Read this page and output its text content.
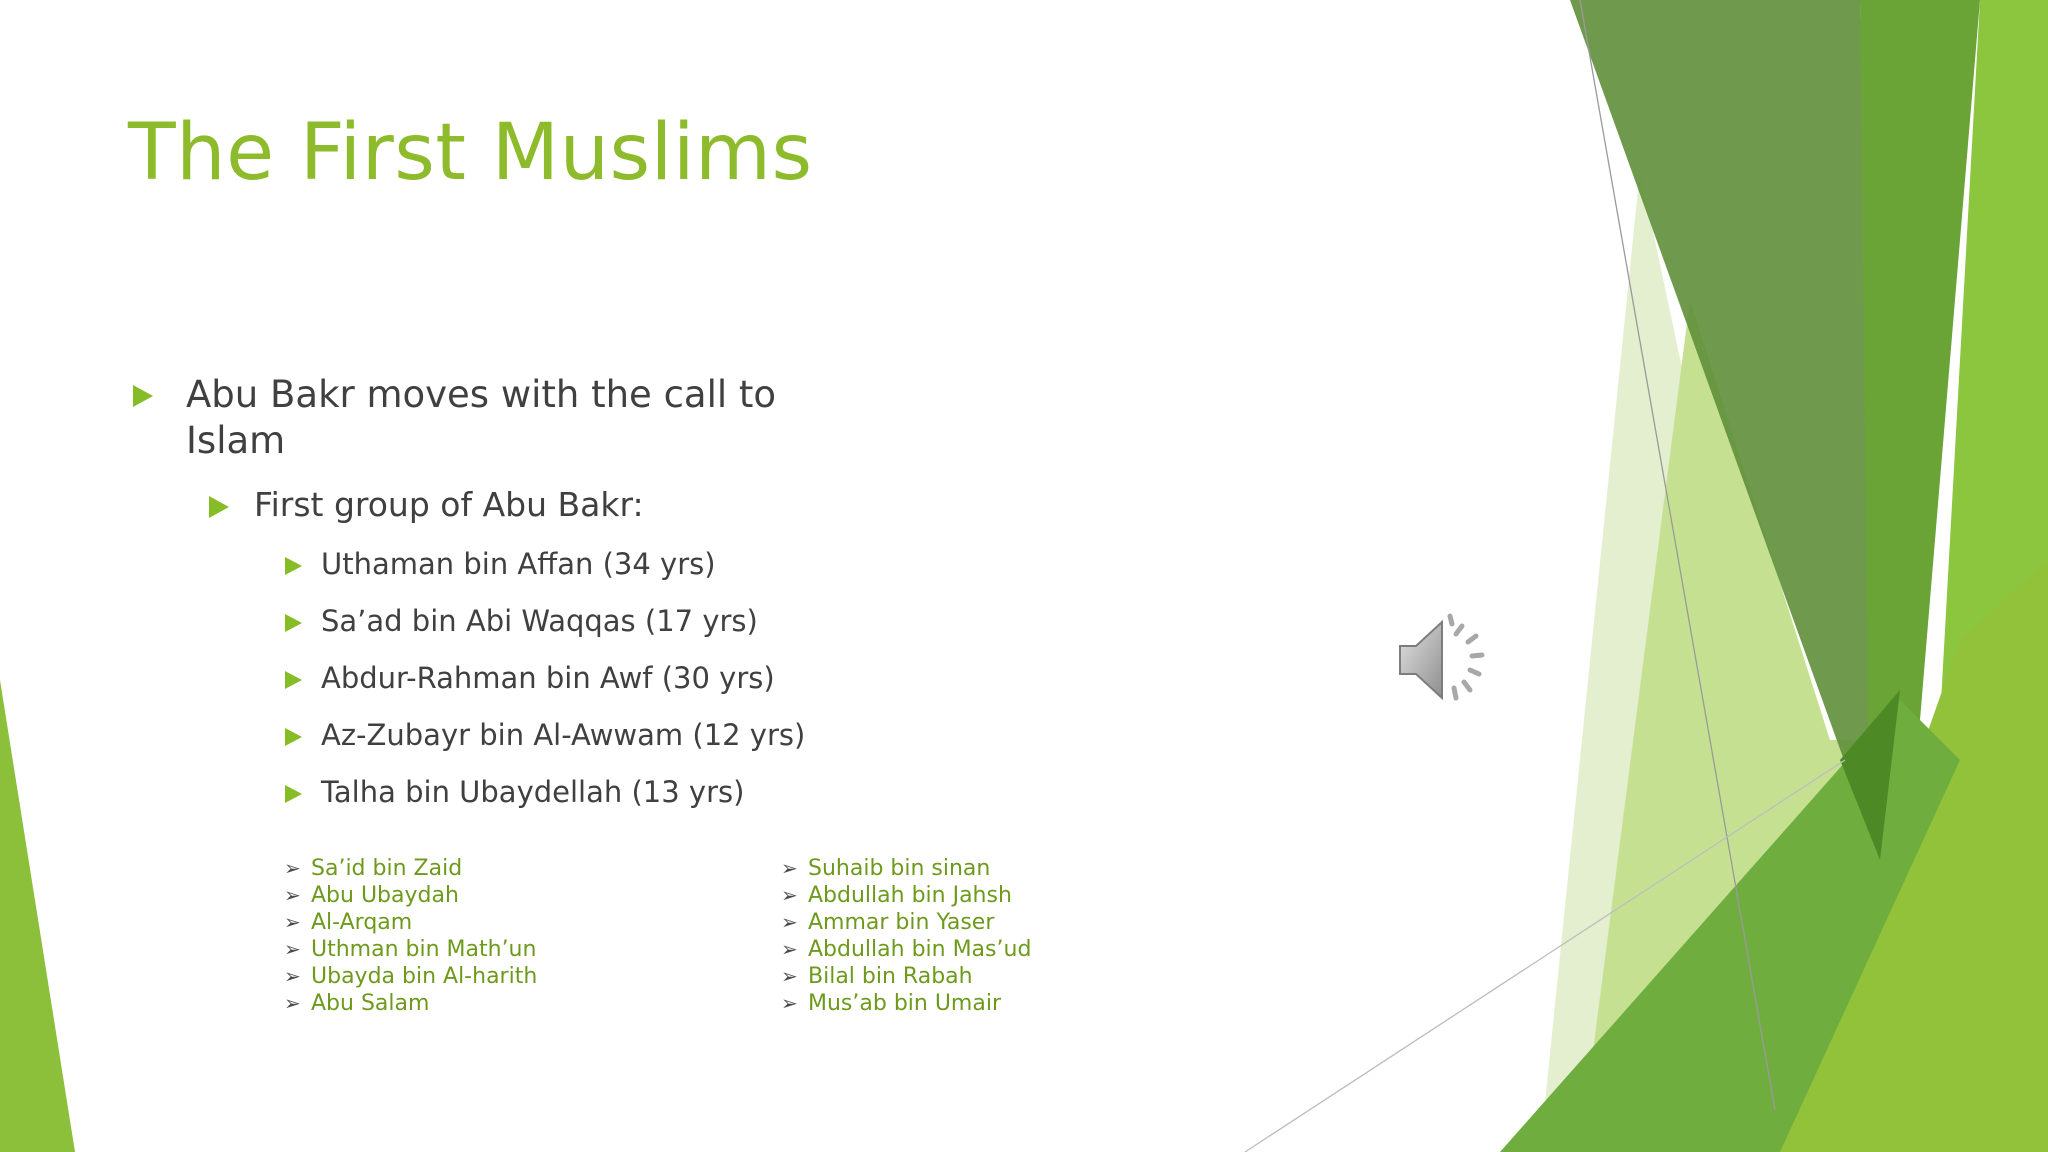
The First Muslims
Abu Bakr moves with the call to Islam
First group of Abu Bakr:
Uthaman bin Affan (34 yrs)
Sa’ad bin Abi Waqqas (17 yrs)
Abdur-Rahman bin Awf (30 yrs)
Az-Zubayr bin Al-Awwam (12 yrs)
Talha bin Ubaydellah (13 yrs)
➢ Sa’id bin Zaid
➢ Abu Ubaydah
➢ Al-Arqam
➢ Uthman bin Math’un
➢ Ubayda bin Al-harith
➢ Abu Salam
➢ Suhaib bin sinan
➢ Abdullah bin Jahsh
➢ Ammar bin Yaser
➢ Abdullah bin Mas’ud
➢ Bilal bin Rabah
➢ Mus’ab bin Umair
